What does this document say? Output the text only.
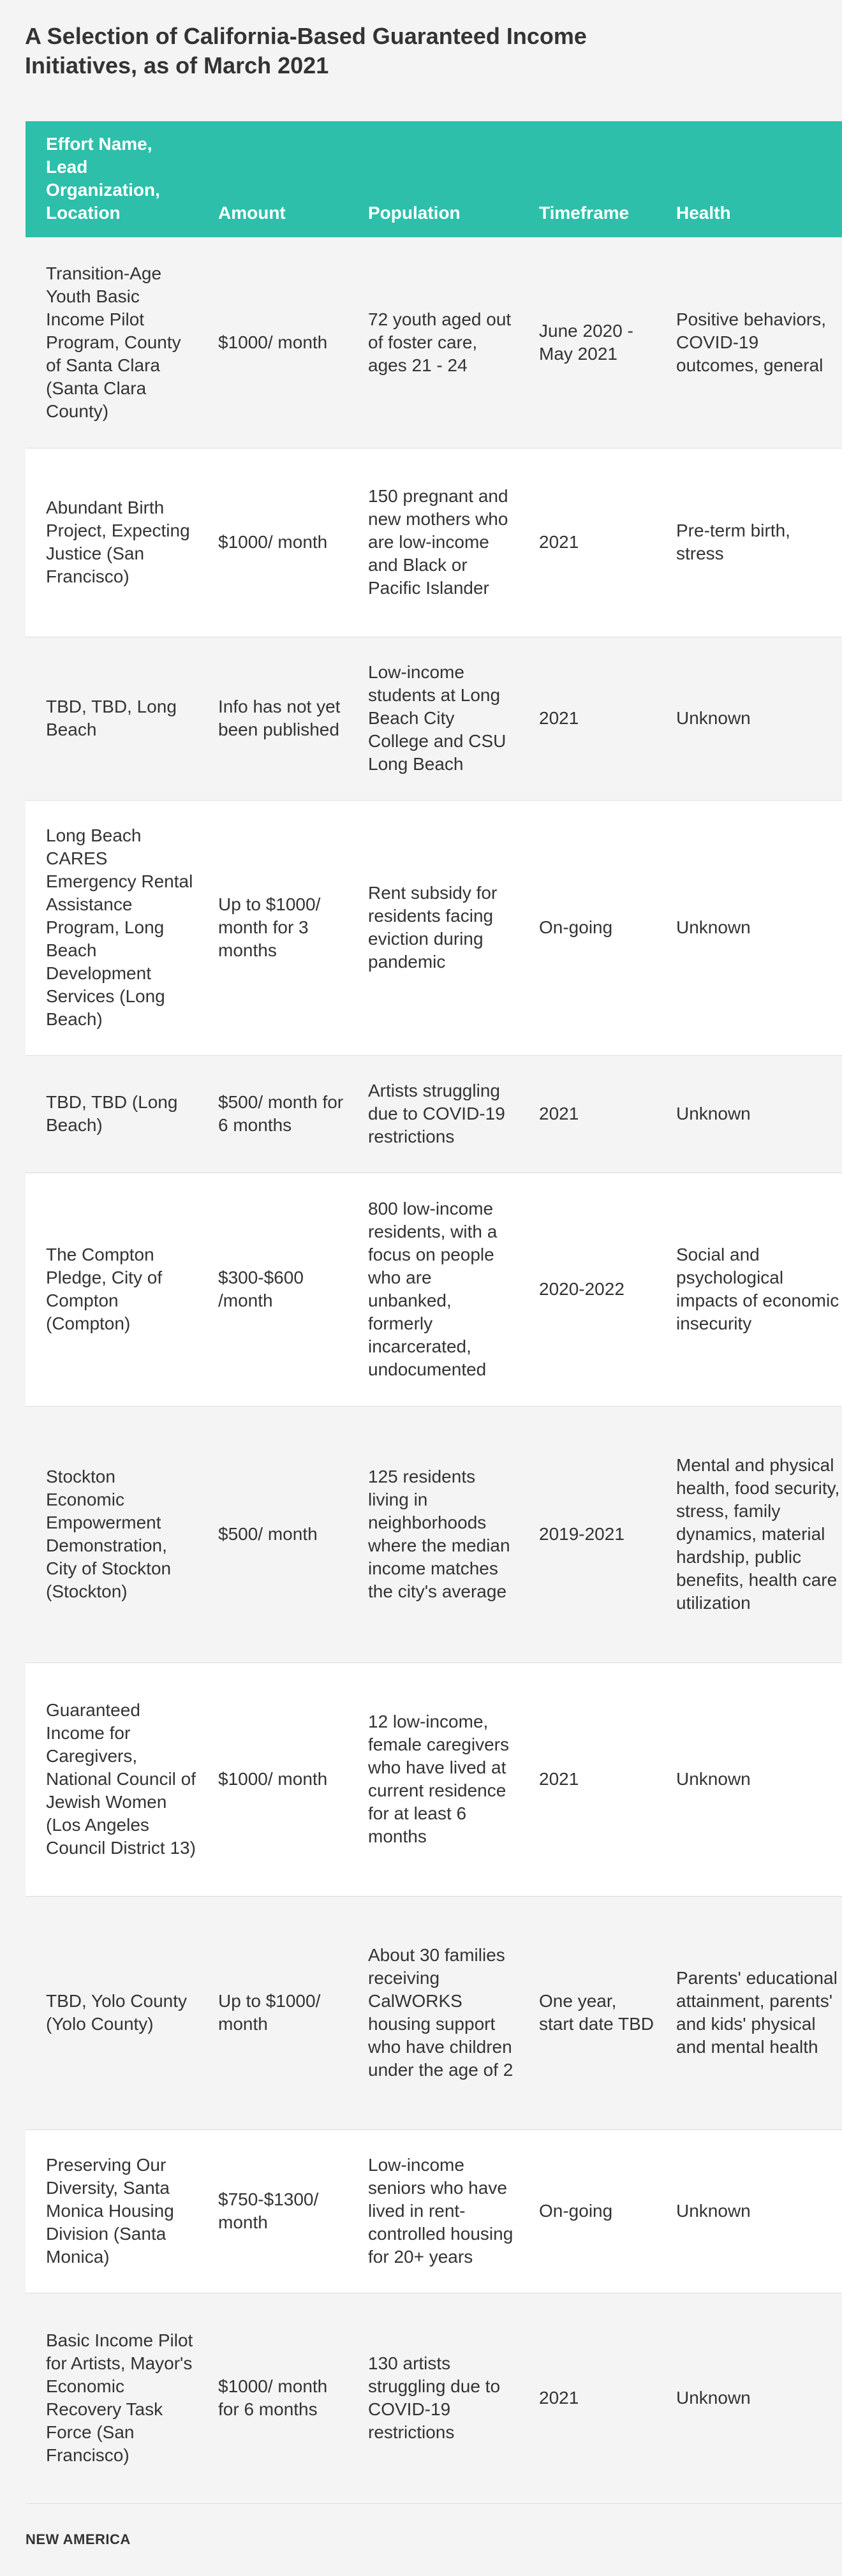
A Selection of California-Based Guaranteed Income Initiatives, as of March 2021
Effort Name, Lead Organization, Location	Amount	Population	Timeframe	Health
Transition-Age Youth Basic Income Pilot Program, County of Santa Clara (Santa Clara County)	$1000/ month	72 youth aged out of foster care, ages 21 - 24	June 2020 - May 2021	Positive behaviors, COVID-19 outcomes, general
Abundant Birth Project, Expecting Justice (San Francisco)	$1000/ month	150 pregnant and new mothers who are low-income and Black or Pacific Islander	2021	Pre-term birth, stress
TBD, TBD, Long Beach	Info has not yet been published	Low-income students at Long Beach City College and CSU Long Beach	2021	Unknown
Long Beach CARES Emergency Rental Assistance Program, Long Beach Development Services (Long Beach)	Up to $1000/ month for 3 months	Rent subsidy for residents facing eviction during pandemic	On-going	Unknown
TBD, TBD (Long Beach)	$500/ month for 6 months	Artists struggling due to COVID-19 restrictions	2021	Unknown
The Compton Pledge, City of Compton (Compton)	$300-$600 /month	800 low-income residents, with a focus on people who are unbanked, formerly incarcerated, undocumented	2020-2022	Social and psychological impacts of economic insecurity
Stockton Economic Empowerment Demonstration, City of Stockton (Stockton)	$500/ month	125 residents living in neighborhoods where the median income matches the city's average	2019-2021	Mental and physical health, food security, stress, family dynamics, material hardship, public benefits, health care utilization
Guaranteed Income for Caregivers, National Council of Jewish Women (Los Angeles Council District 13)	$1000/ month	12 low-income, female caregivers who have lived at current residence for at least 6 months	2021	Unknown
TBD, Yolo County (Yolo County)	Up to $1000/ month	About 30 families receiving CalWORKS housing support who have children under the age of 2	One year, start date TBD	Parents' educational attainment, parents' and kids' physical and mental health
Preserving Our Diversity, Santa Monica Housing Division (Santa Monica)	$750-$1300/ month	Low-income seniors who have lived in rent-controlled housing for 20+ years	On-going	Unknown
Basic Income Pilot for Artists, Mayor's Economic Recovery Task Force (San Francisco)	$1000/ month for 6 months	130 artists struggling due to COVID-19 restrictions	2021	Unknown
NEW AMERICA
